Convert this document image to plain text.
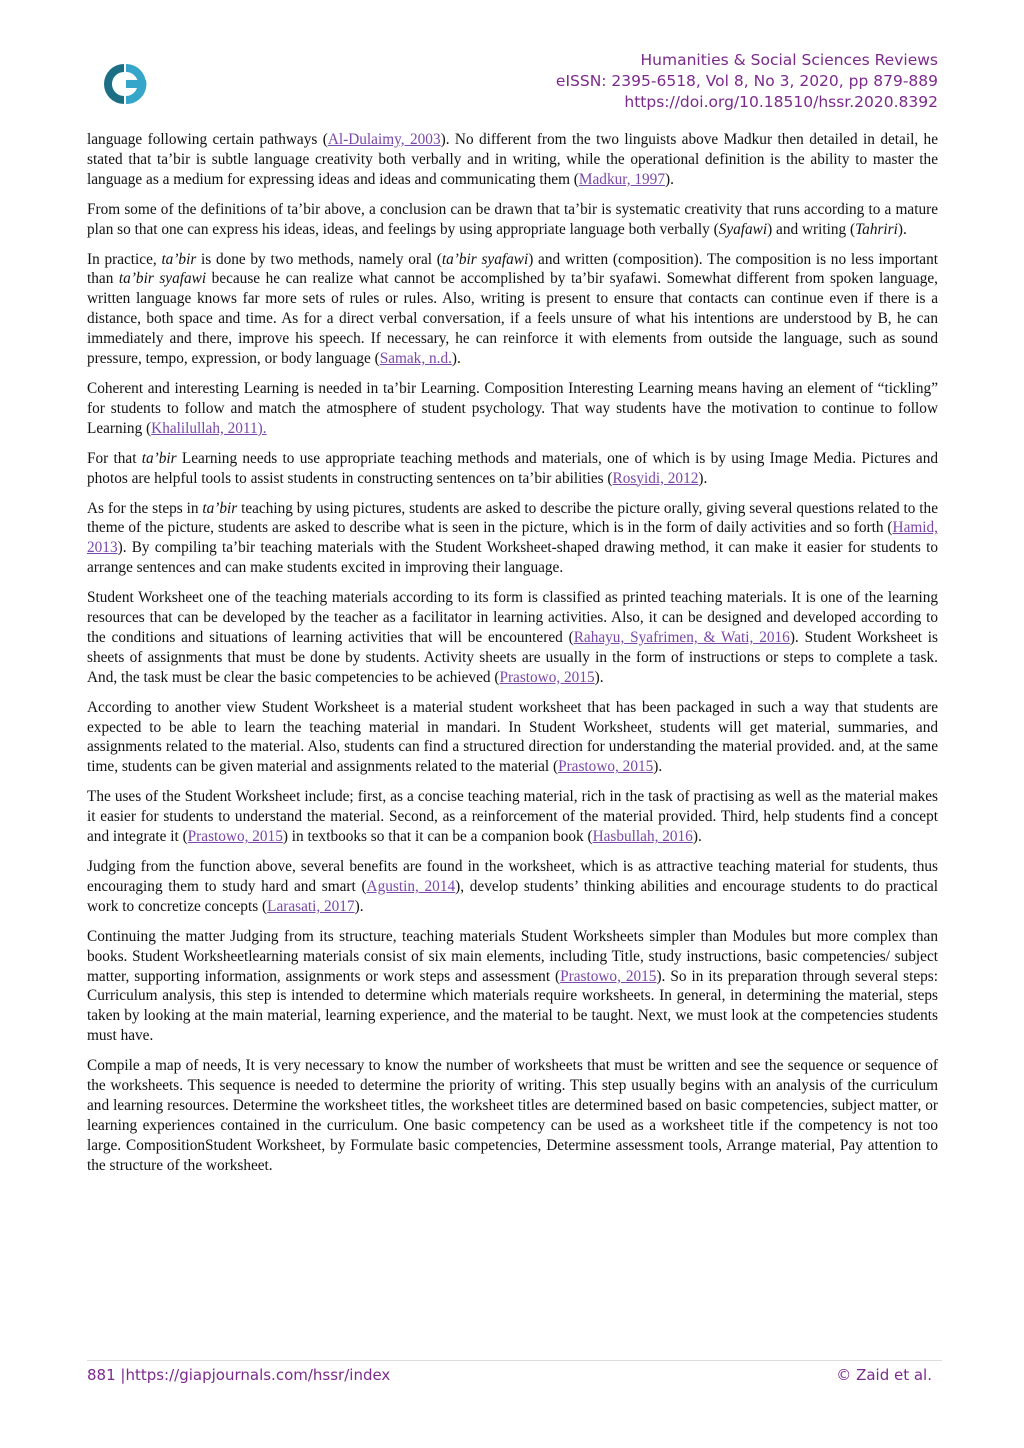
Humanities & Social Sciences Reviews
eISSN: 2395-6518, Vol 8, No 3, 2020, pp 879-889
https://doi.org/10.18510/hssr.2020.8392

language following certain pathways (Al-Dulaimy, 2003). No different from the two linguists above Madkur then detailed in detail, he stated that ta’bir is subtle language creativity both verbally and in writing, while the operational definition is the ability to master the language as a medium for expressing ideas and ideas and communicating them (Madkur, 1997).

From some of the definitions of ta’bir above, a conclusion can be drawn that ta’bir is systematic creativity that runs according to a mature plan so that one can express his ideas, ideas, and feelings by using appropriate language both verbally (Syafawi) and writing (Tahriri).

In practice, ta’bir is done by two methods, namely oral (ta’bir syafawi) and written (composition). The composition is no less important than ta’bir syafawi because he can realize what cannot be accomplished by ta’bir syafawi. Somewhat different from spoken language, written language knows far more sets of rules or rules. Also, writing is present to ensure that contacts can continue even if there is a distance, both space and time. As for a direct verbal conversation, if a feels unsure of what his intentions are understood by B, he can immediately and there, improve his speech. If necessary, he can reinforce it with elements from outside the language, such as sound pressure, tempo, expression, or body language (Samak, n.d.).

Coherent and interesting Learning is needed in ta’bir Learning. Composition Interesting Learning means having an element of “tickling” for students to follow and match the atmosphere of student psychology. That way students have the motivation to continue to follow Learning (Khalilullah, 2011).

For that ta’bir Learning needs to use appropriate teaching methods and materials, one of which is by using Image Media. Pictures and photos are helpful tools to assist students in constructing sentences on ta’bir abilities (Rosyidi, 2012).

As for the steps in ta’bir teaching by using pictures, students are asked to describe the picture orally, giving several questions related to the theme of the picture, students are asked to describe what is seen in the picture, which is in the form of daily activities and so forth (Hamid, 2013). By compiling ta’bir teaching materials with the Student Worksheet-shaped drawing method, it can make it easier for students to arrange sentences and can make students excited in improving their language.

Student Worksheet one of the teaching materials according to its form is classified as printed teaching materials. It is one of the learning resources that can be developed by the teacher as a facilitator in learning activities. Also, it can be designed and developed according to the conditions and situations of learning activities that will be encountered (Rahayu, Syafrimen, & Wati, 2016). Student Worksheet is sheets of assignments that must be done by students. Activity sheets are usually in the form of instructions or steps to complete a task. And, the task must be clear the basic competencies to be achieved (Prastowo, 2015).

According to another view Student Worksheet is a material student worksheet that has been packaged in such a way that students are expected to be able to learn the teaching material in mandari. In Student Worksheet, students will get material, summaries, and assignments related to the material. Also, students can find a structured direction for understanding the material provided. and, at the same time, students can be given material and assignments related to the material (Prastowo, 2015).

The uses of the Student Worksheet include; first, as a concise teaching material, rich in the task of practising as well as the material makes it easier for students to understand the material. Second, as a reinforcement of the material provided. Third, help students find a concept and integrate it (Prastowo, 2015) in textbooks so that it can be a companion book (Hasbullah, 2016).

Judging from the function above, several benefits are found in the worksheet, which is as attractive teaching material for students, thus encouraging them to study hard and smart (Agustin, 2014), develop students’ thinking abilities and encourage students to do practical work to concretize concepts (Larasati, 2017).

Continuing the matter Judging from its structure, teaching materials Student Worksheets simpler than Modules but more complex than books. Student Worksheetlearning materials consist of six main elements, including Title, study instructions, basic competencies/ subject matter, supporting information, assignments or work steps and assessment (Prastowo, 2015). So in its preparation through several steps: Curriculum analysis, this step is intended to determine which materials require worksheets. In general, in determining the material, steps taken by looking at the main material, learning experience, and the material to be taught. Next, we must look at the competencies students must have.

Compile a map of needs, It is very necessary to know the number of worksheets that must be written and see the sequence or sequence of the worksheets. This sequence is needed to determine the priority of writing. This step usually begins with an analysis of the curriculum and learning resources. Determine the worksheet titles, the worksheet titles are determined based on basic competencies, subject matter, or learning experiences contained in the curriculum. One basic competency can be used as a worksheet title if the competency is not too large. CompositionStudent Worksheet, by Formulate basic competencies, Determine assessment tools, Arrange material, Pay attention to the structure of the worksheet.

881 |https://giapjournals.com/hssr/index	© Zaid et al.
